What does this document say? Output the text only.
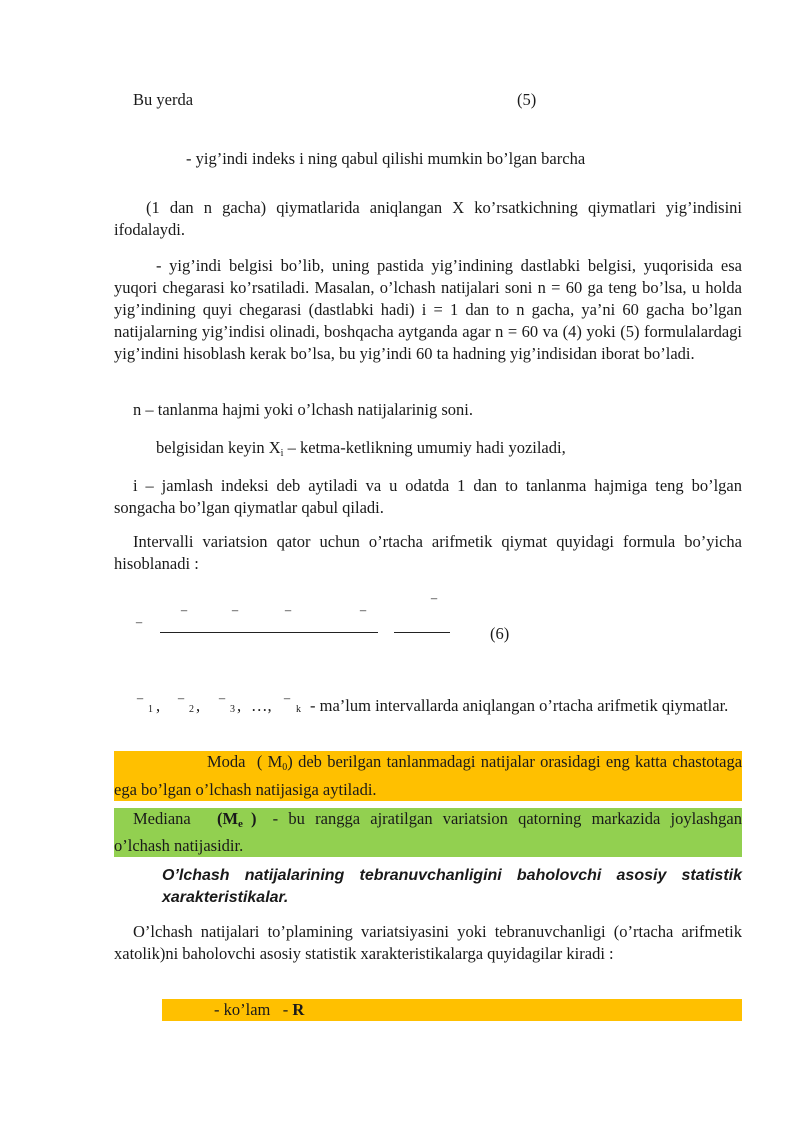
Bu yerda	(5)

- yig’indi indeks i ning qabul qilishi mumkin bo’lgan barcha

(1 dan n gacha) qiymatlarida aniqlangan X ko’rsatkichning qiymatlari yig’indisini ifodalaydi.

- yig’indi belgisi bo’lib, uning pastida yig’indining dastlabki belgisi, yuqorisida esa yuqori chegarasi ko’rsatiladi. Masalan, o’lchash natijalari soni n = 60 ga teng bo’lsa, u holda yig’indining quyi chegarasi (dastlabki hadi) i = 1 dan to n gacha, ya’ni 60 gacha bo’lgan natijalarning yig’indisi olinadi, boshqacha aytganda agar n = 60 va (4) yoki (5) formulalardagi yig’indini hisoblash kerak bo’lsa, bu yig’indi 60 ta hadning yig’indisidan iborat bo’ladi.

n – tanlanma hajmi yoki o’lchash natijalarinig soni.

belgisidan keyin $X_i$ – ketma-ketlikning umumiy hadi yoziladi,

i – jamlash indeksi deb aytiladi va u odatda 1 dan to tanlanma hajmiga teng bo’lgan songacha bo’lgan qiymatlar qabul qiladi.

Intervalli variatsion qator uchun o’rtacha arifmetik qiymat quyidagi formula bo’yicha hisoblanadi :

_
_	_	_	_
_
(6)
_	_	_	_

1 ,	2 ,	3 , …, k - ma’lum intervallarda aniqlangan o’rtacha arifmetik qiymatlar.

Moda ( $M_0$) deb berilgan tanlanmadagi natijalar orasidagi eng katta chastotaga ega bo’lgan o’lchash natijasiga aytiladi.

Mediana (Me ) - bu rangga ajratilgan variatsion qatorning markazida joylashgan o’lchash natijasidir.

O’lchash natijalarining tebranuvchanligini baholovchi asosiy statistik xarakteristikalar.

O’lchash natijalari to’plamining variatsiyasini yoki tebranuvchanligi (o’rtacha arifmetik xatolik)ni baholovchi asosiy statistik xarakteristikalarga quyidagilar kiradi :

- ko’lam   - R
